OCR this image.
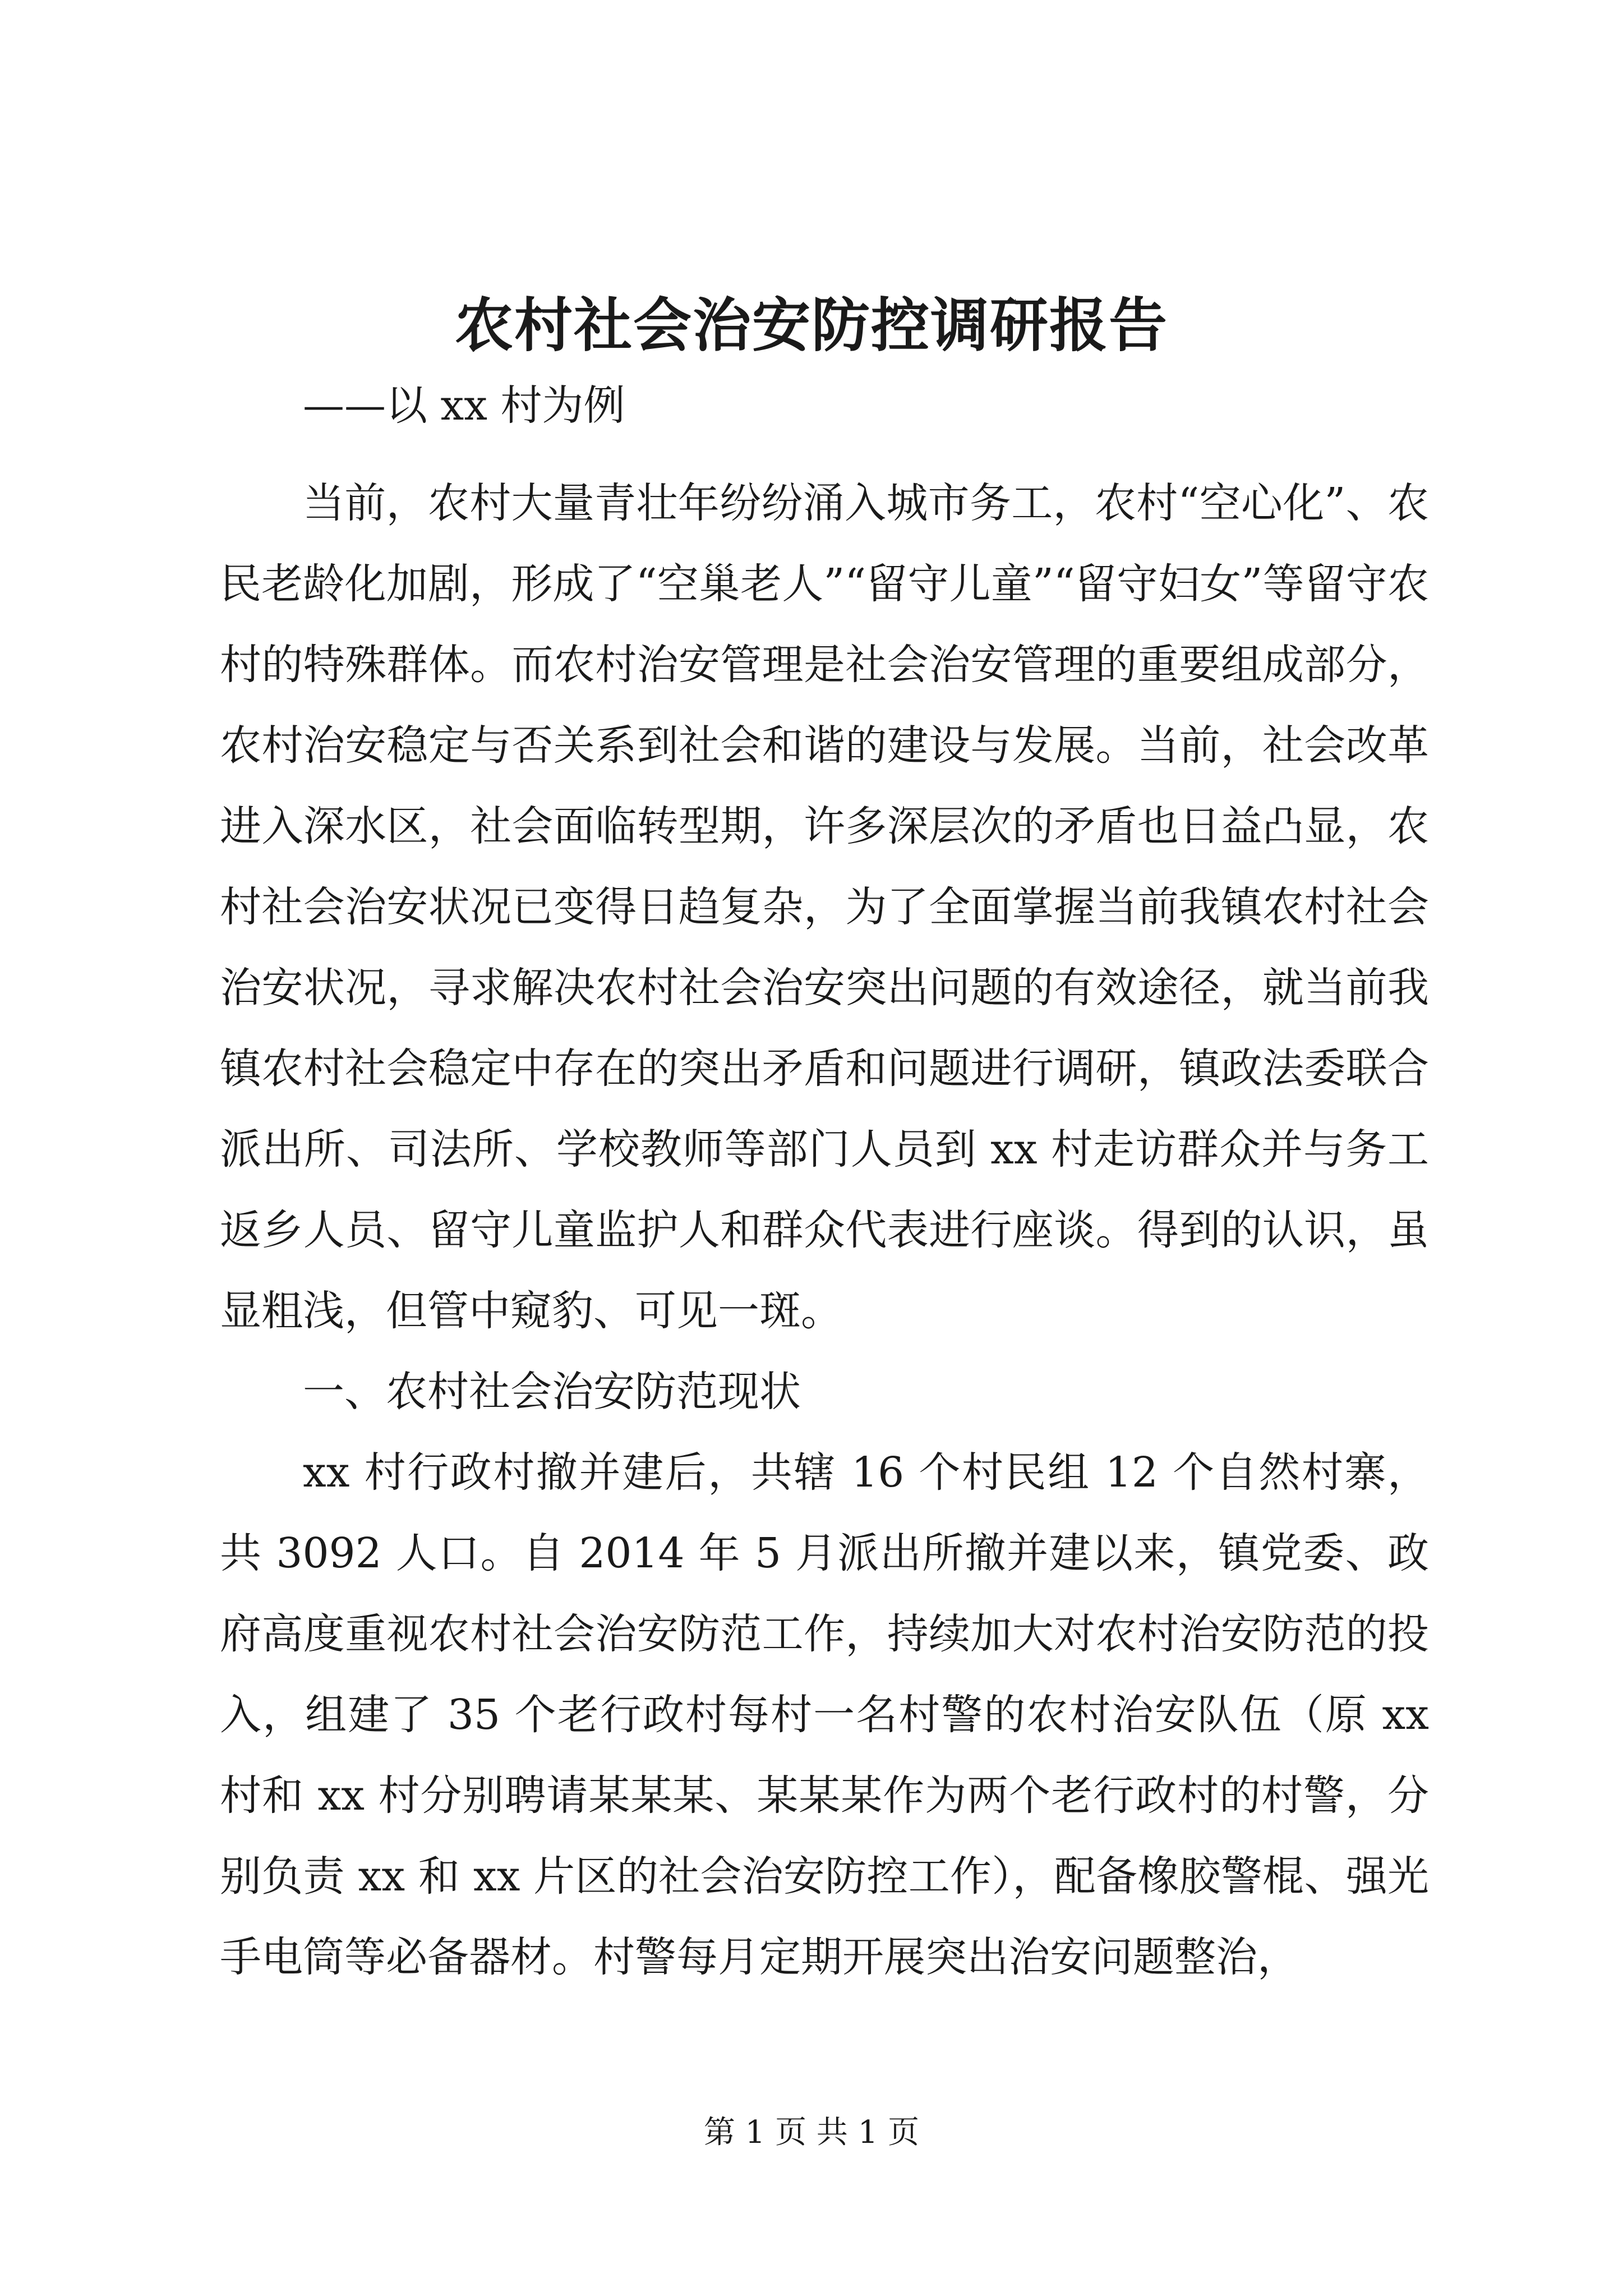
农村社会治安防控调研报告

——以 xx 村为例

当前，农村大量青壮年纷纷涌入城市务工，农村“空心化”、农民老龄化加剧，形成了“空巢老人”“留守儿童”“留守妇女”等留守农村的特殊群体。而农村治安管理是社会治安管理的重要组成部分，农村治安稳定与否关系到社会和谐的建设与发展。当前，社会改革进入深水区，社会面临转型期，许多深层次的矛盾也日益凸显，农村社会治安状况已变得日趋复杂，为了全面掌握当前我镇农村社会治安状况，寻求解决农村社会治安突出问题的有效途径，就当前我镇农村社会稳定中存在的突出矛盾和问题进行调研，镇政法委联合派出所、司法所、学校教师等部门人员到 xx 村走访群众并与务工返乡人员、留守儿童监护人和群众代表进行座谈。得到的认识，虽显粗浅，但管中窥豹、可见一斑。

一、农村社会治安防范现状

xx 村行政村撤并建后，共辖 16 个村民组 12 个自然村寨，共 3092 人口。自 2014 年 5 月派出所撤并建以来，镇党委、政府高度重视农村社会治安防范工作，持续加大对农村治安防范的投入，组建了 35 个老行政村每村一名村警的农村治安队伍（原 xx 村和 xx 村分别聘请某某某、某某某作为两个老行政村的村警，分别负责 xx 和 xx 片区的社会治安防控工作），配备橡胶警棍、强光手电筒等必备器材。村警每月定期开展突出治安问题整治，

第 1 页 共 1 页
